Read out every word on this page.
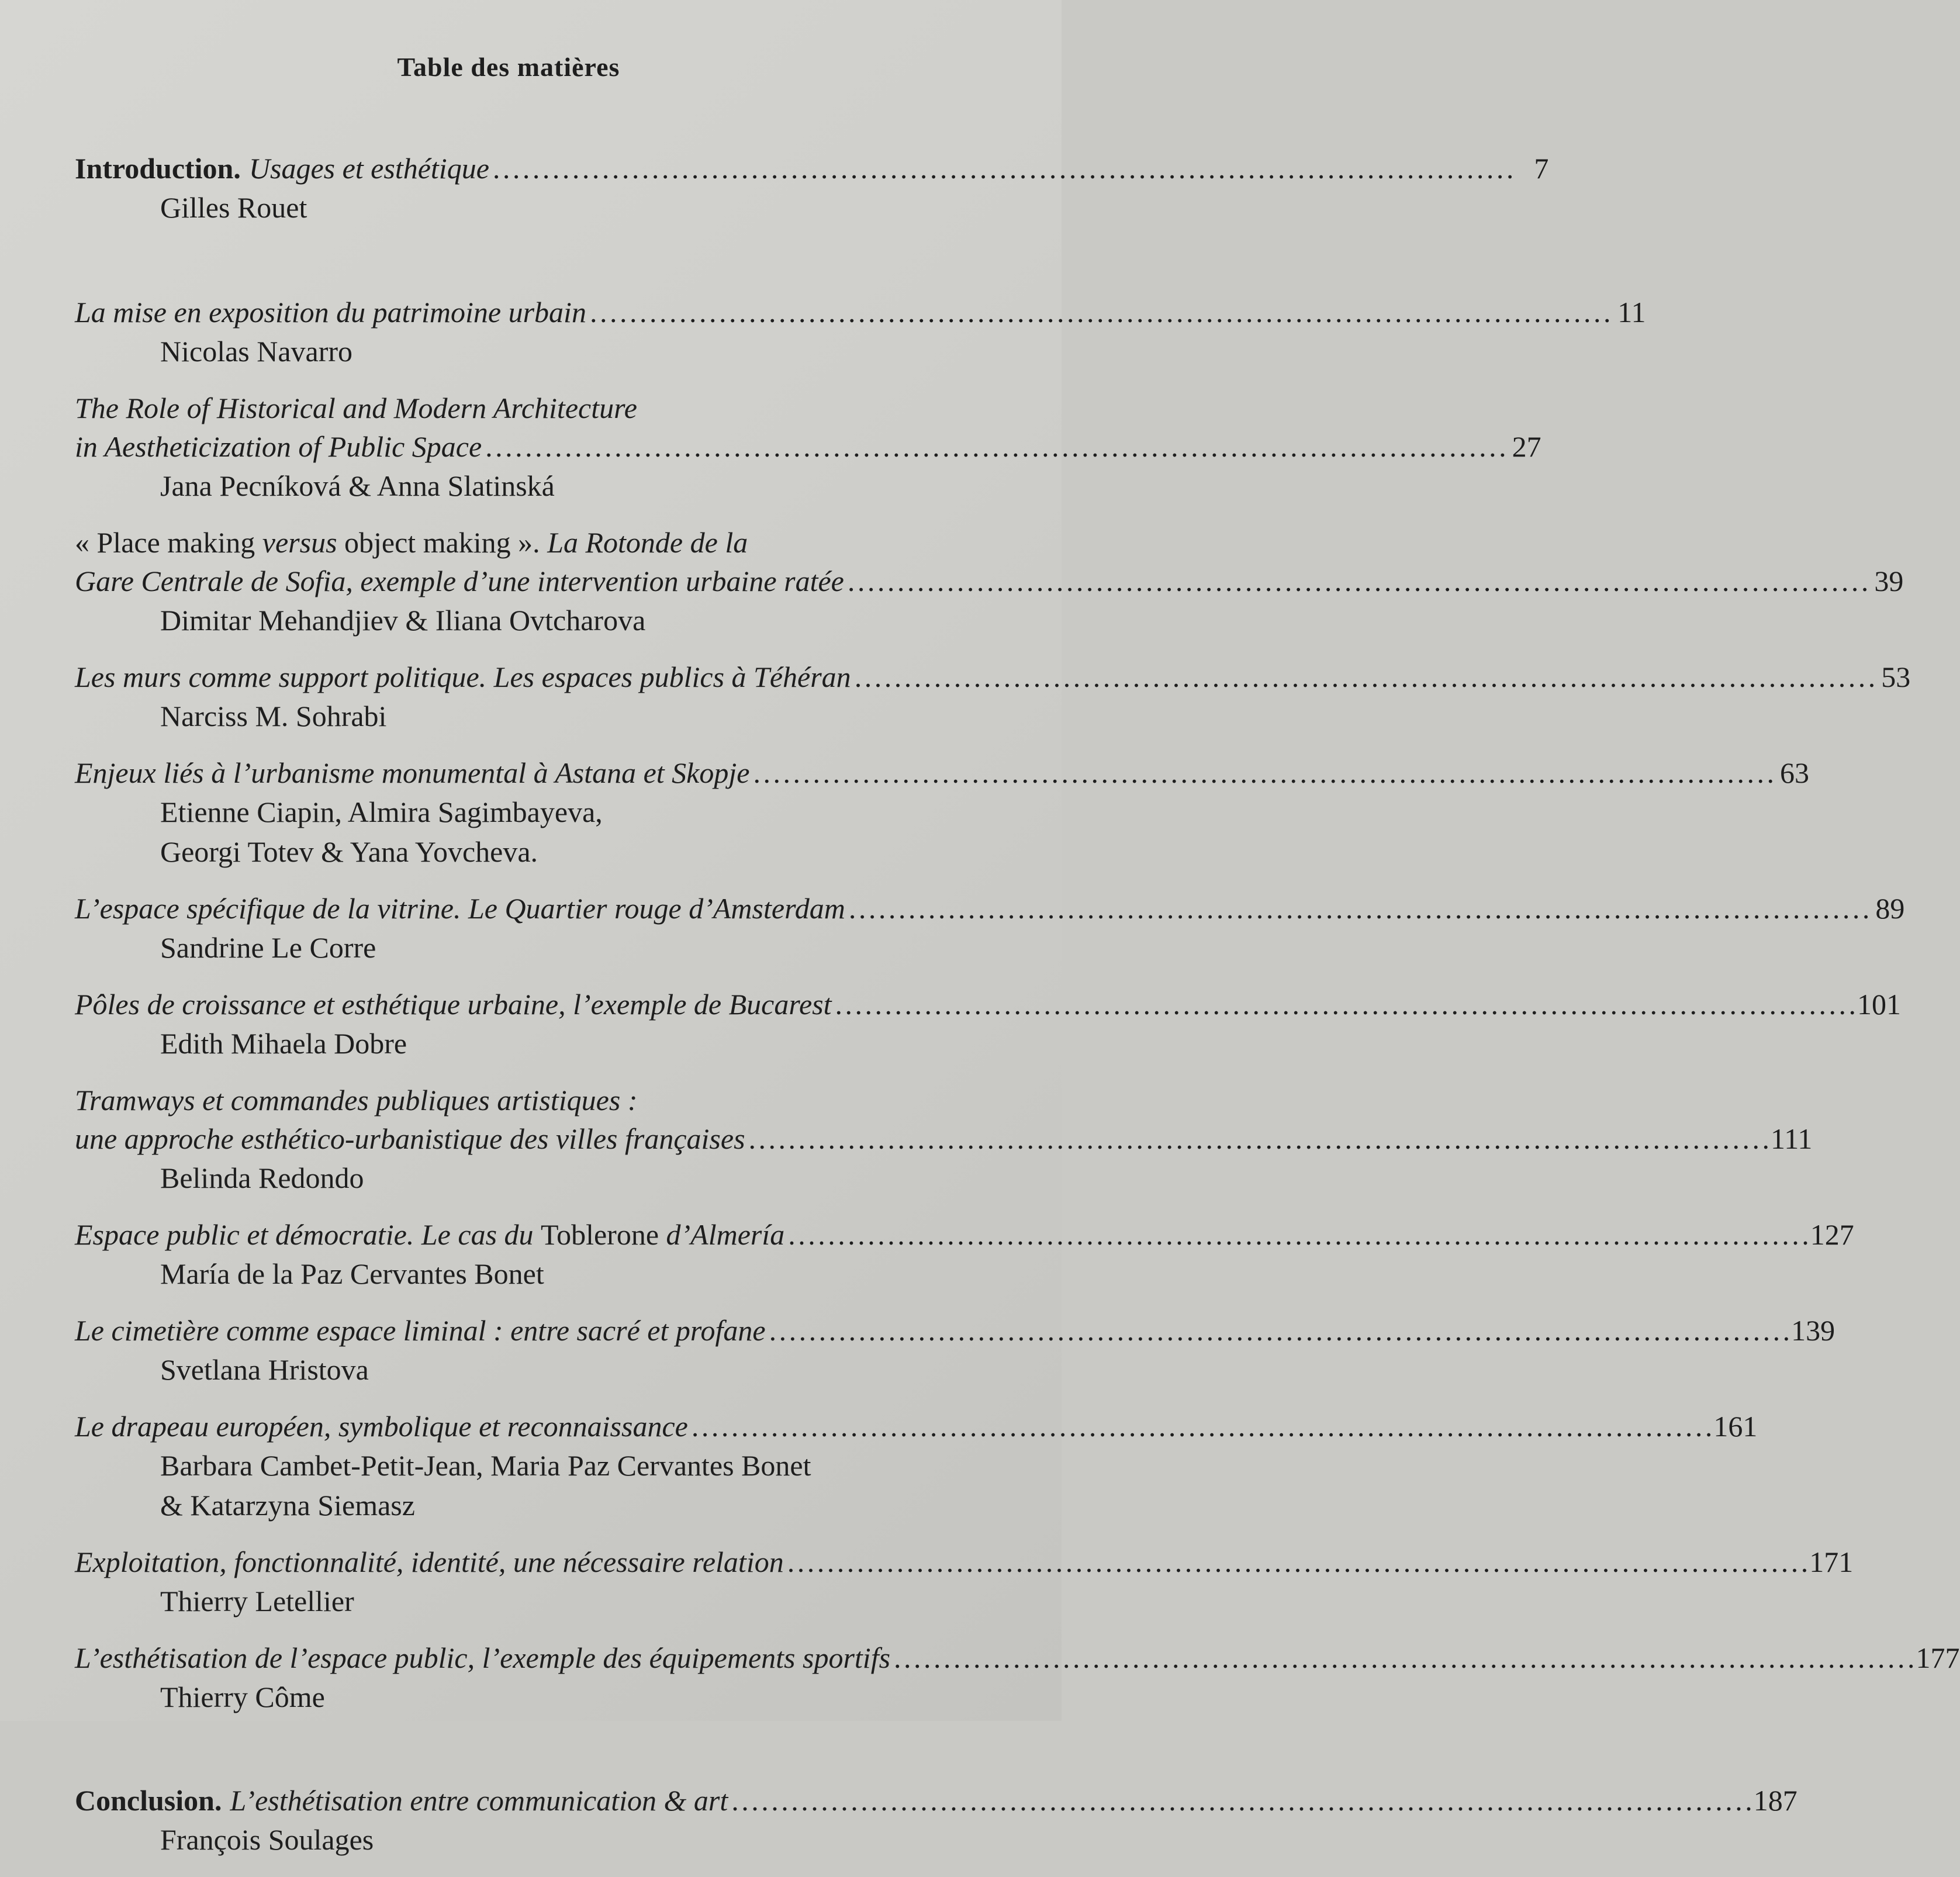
Table des matières
Introduction. Usages et esthétique . . .	7
Gilles Rouet
La mise en exposition du patrimoine urbain . . .	11
Nicolas Navarro
The Role of Historical and Modern Architecture
in Aestheticization of Public Space . . .	27
Jana Pecníková & Anna Slatinská
« Place making versus object making ». La Rotonde de la
Gare Centrale de Sofia, exemple d’une intervention urbaine ratée . . .	39
Dimitar Mehandjiev & Iliana Ovtcharova
Les murs comme support politique. Les espaces publics à Téhéran . . .	53
Narciss M. Sohrabi
Enjeux liés à l’urbanisme monumental à Astana et Skopje . . .	63
Etienne Ciapin, Almira Sagimbayeva,
Georgi Totev & Yana Yovcheva.
L’espace spécifique de la vitrine. Le Quartier rouge d’Amsterdam . . .	89
Sandrine Le Corre
Pôles de croissance et esthétique urbaine, l’exemple de Bucarest . . .	101
Edith Mihaela Dobre
Tramways et commandes publiques artistiques :
une approche esthético-urbanistique des villes françaises . . .	111
Belinda Redondo
Espace public et démocratie. Le cas du Toblerone d’Almería . . .	127
María de la Paz Cervantes Bonet
Le cimetière comme espace liminal : entre sacré et profane . . .	139
Svetlana Hristova
Le drapeau européen, symbolique et reconnaissance . . .	161
Barbara Cambet-Petit-Jean, Maria Paz Cervantes Bonet
& Katarzyna Siemasz
Exploitation, fonctionnalité, identité, une nécessaire relation . . .	171
Thierry Letellier
L’esthétisation de l’espace public, l’exemple des équipements sportifs . . .	177
Thierry Côme
Conclusion. L’esthétisation entre communication & art . . .	187
François Soulages
